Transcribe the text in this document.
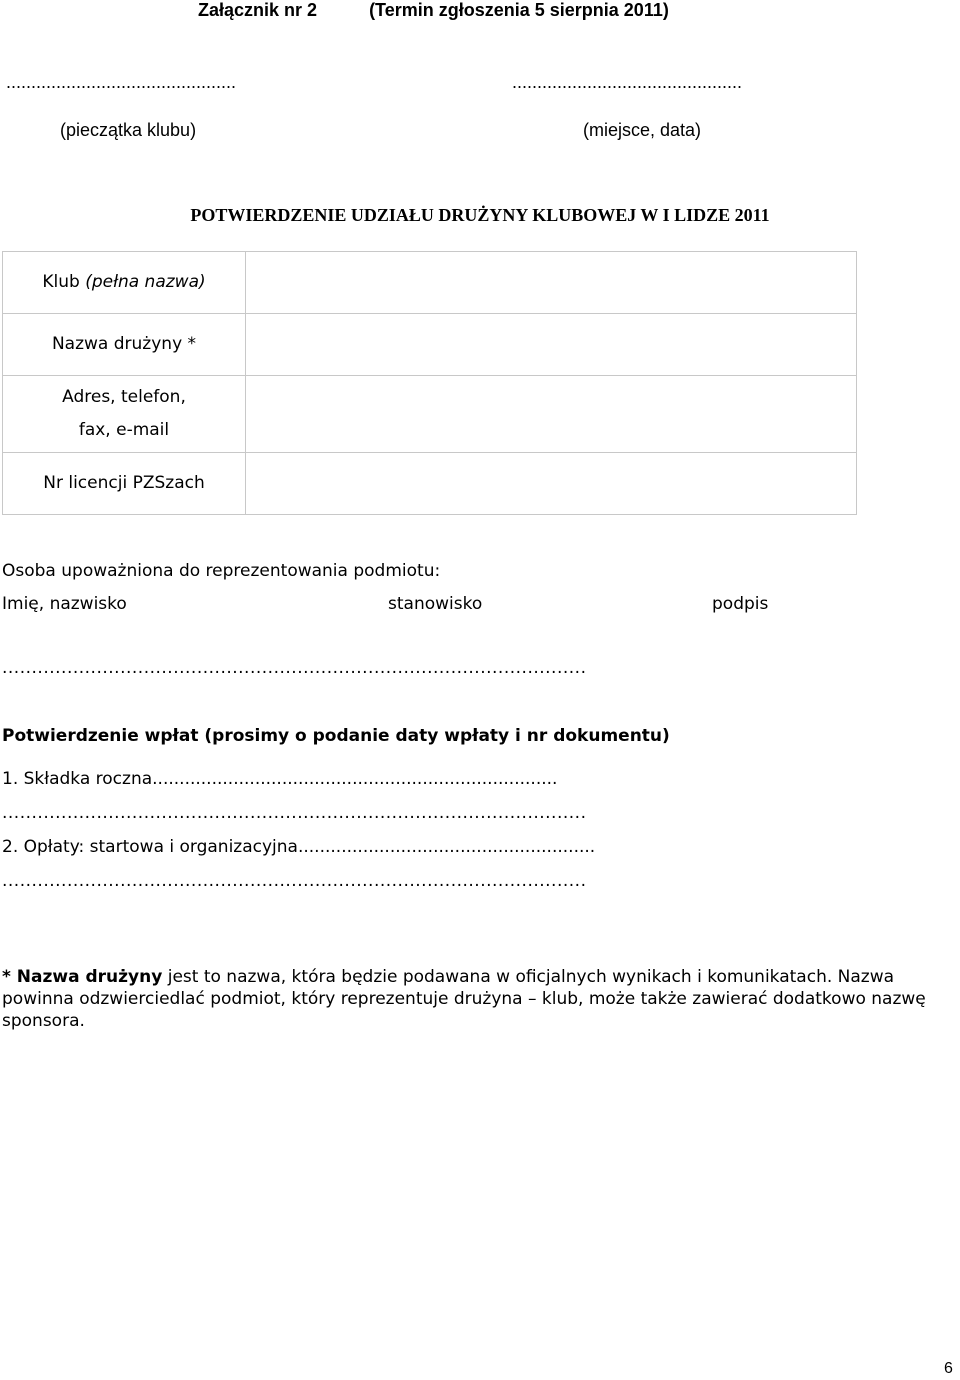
Załącznik nr 2	(Termin zgłoszenia 5 sierpnia 2011)
..............................................	..............................................
(pieczątka klubu)	(miejsce, data)
POTWIERDZENIE UDZIAŁU DRUŻYNY KLUBOWEJ W I LIDZE 2011
Klub (pełna nazwa)	
Nazwa drużyny *	

Adres, telefon,
fax, e-mail	

Nr licencji PZSzach	
Osoba upoważniona do reprezentowania podmiotu:
Imię, nazwisko	stanowisko	podpis
...................................................................................................
Potwierdzenie wpłat (prosimy o podanie daty wpłaty i nr dokumentu)
1. Składka roczna...........................................................................
...................................................................................................
2. Opłaty: startowa i organizacyjna.......................................................
...................................................................................................
* Nazwa drużyny jest to nazwa, która będzie podawana w oficjalnych wynikach i komunikatach. Nazwa powinna odzwierciedlać podmiot, który reprezentuje drużyna – klub, może także zawierać dodatkowo nazwę sponsora.
6
